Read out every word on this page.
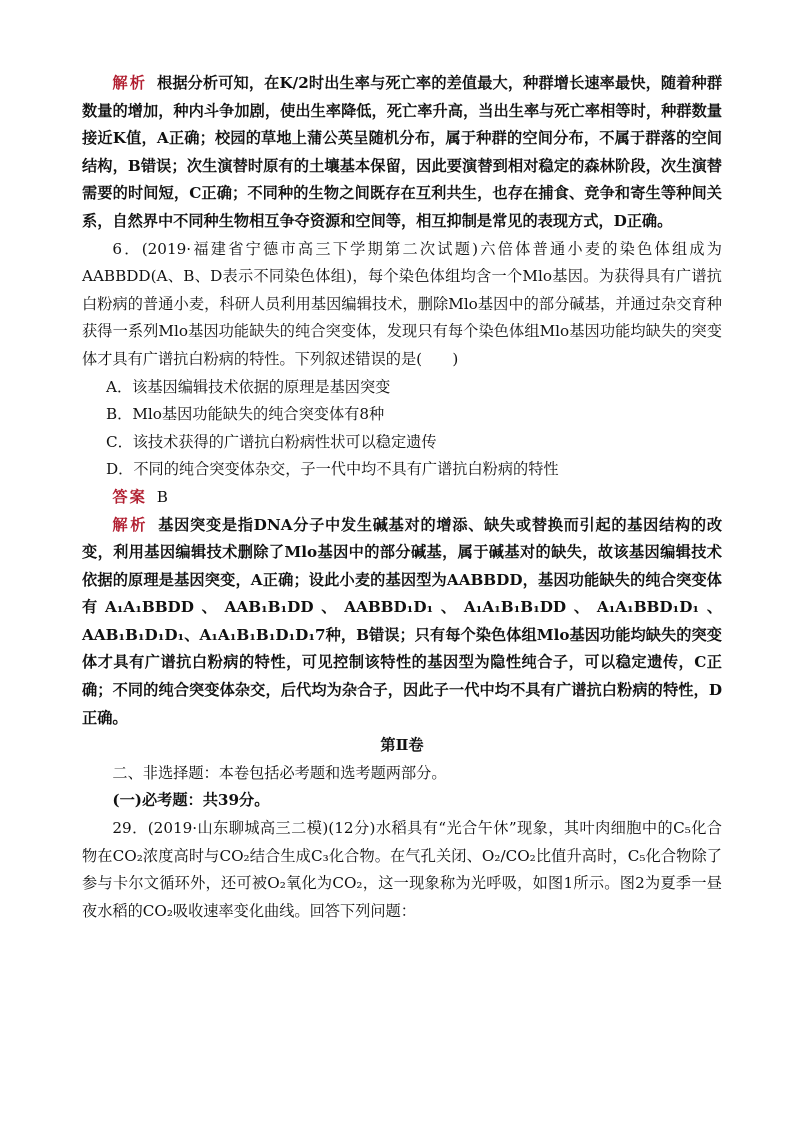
解析 根据分析可知，在K/2时出生率与死亡率的差值最大，种群增长速率最快，随着种群数量的增加，种内斗争加剧，使出生率降低，死亡率升高，当出生率与死亡率相等时，种群数量接近K值，A正确；校园的草地上蒲公英呈随机分布，属于种群的空间分布，不属于群落的空间结构，B错误；次生演替时原有的土壤基本保留，因此要演替到相对稳定的森林阶段，次生演替需要的时间短，C正确；不同种的生物之间既存在互利共生，也存在捕食、竞争和寄生等种间关系，自然界中不同种生物相互争夺资源和空间等，相互抑制是常见的表现方式，D正确。

6．(2019·福建省宁德市高三下学期第二次试题)六倍体普通小麦的染色体组成为AABBDD(A、B、D表示不同染色体组)，每个染色体组均含一个Mlo基因。为获得具有广谱抗白粉病的普通小麦，科研人员利用基因编辑技术，删除Mlo基因中的部分碱基，并通过杂交育种获得一系列Mlo基因功能缺失的纯合突变体，发现只有每个染色体组Mlo基因功能均缺失的突变体才具有广谱抗白粉病的特性。下列叙述错误的是(　　)

A．该基因编辑技术依据的原理是基因突变

B．Mlo基因功能缺失的纯合突变体有8种

C．该技术获得的广谱抗白粉病性状可以稳定遗传

D．不同的纯合突变体杂交，子一代中均不具有广谱抗白粉病的特性

答案 B

解析 基因突变是指DNA分子中发生碱基对的增添、缺失或替换而引起的基因结构的改变，利用基因编辑技术删除了Mlo基因中的部分碱基，属于碱基对的缺失，故该基因编辑技术依据的原理是基因突变，A正确；设此小麦的基因型为AABBDD，基因功能缺失的纯合突变体有A₁A₁BBDD、AAB₁B₁DD、AABBD₁D₁、A₁A₁B₁B₁DD、A₁A₁BBD₁D₁、AAB₁B₁D₁D₁、A₁A₁B₁B₁D₁D₁7种，B错误；只有每个染色体组Mlo基因功能均缺失的突变体才具有广谱抗白粉病的特性，可见控制该特性的基因型为隐性纯合子，可以稳定遗传，C正确；不同的纯合突变体杂交，后代均为杂合子，因此子一代中均不具有广谱抗白粉病的特性，D正确。

第Ⅱ卷

二、非选择题：本卷包括必考题和选考题两部分。

(一)必考题：共39分。

29．(2019·山东聊城高三二模)(12分)水稻具有“光合午休”现象，其叶肉细胞中的C₅化合物在CO₂浓度高时与CO₂结合生成C₃化合物。在气孔关闭、O₂/CO₂比值升高时，C₅化合物除了参与卡尔文循环外，还可被O₂氧化为CO₂，这一现象称为光呼吸，如图1所示。图2为夏季一昼夜水稻的CO₂吸收速率变化曲线。回答下列问题：
